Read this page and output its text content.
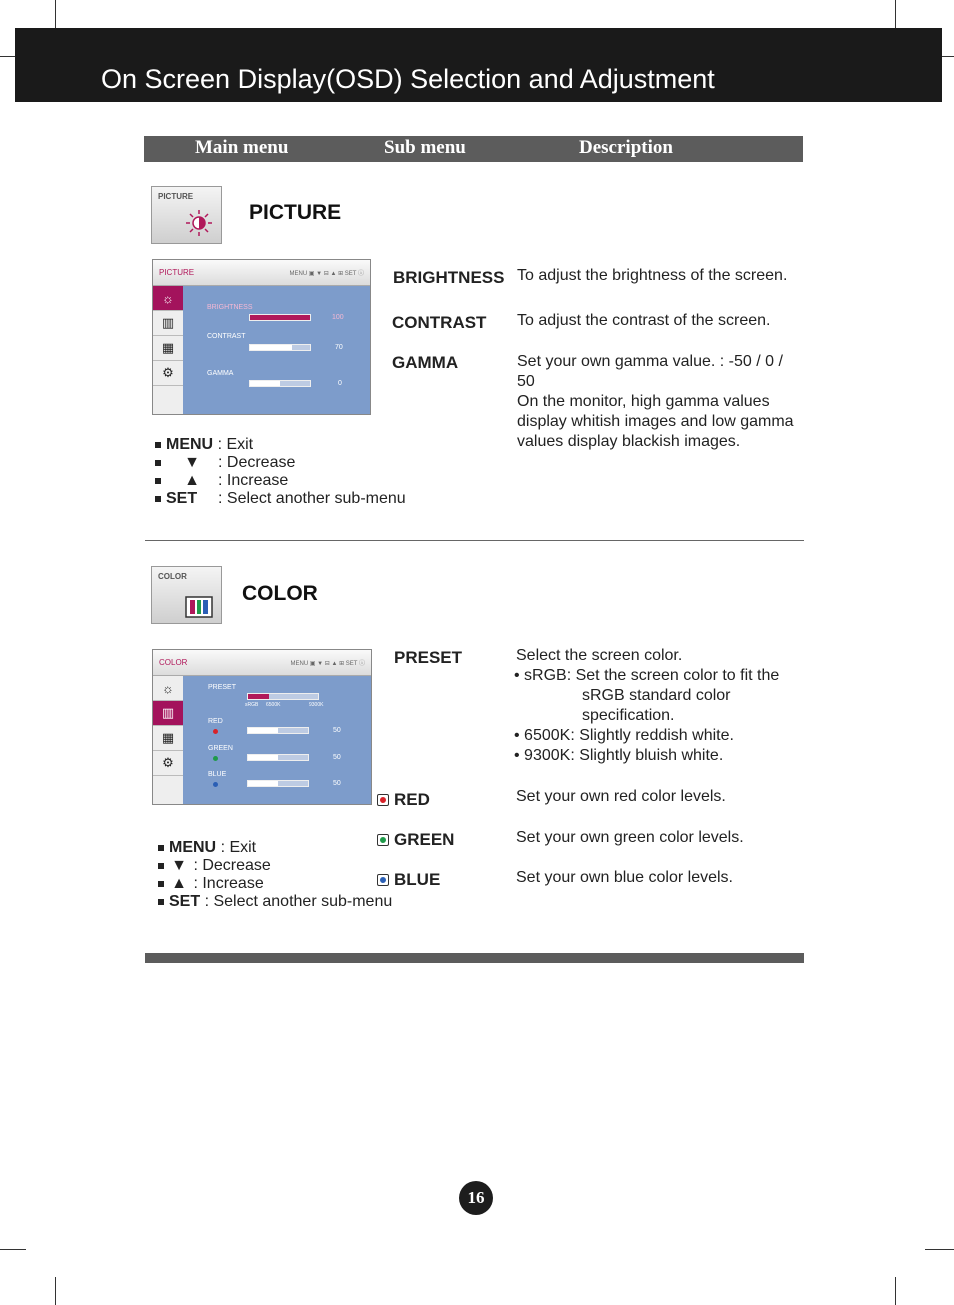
On Screen Display(OSD) Selection and Adjustment
Main menu	Sub menu	Description
PICTURE
PICTURE
PICTURE	MENU ▣ ▼ ⊟ ▲ ⊞ SET ⓘ
☼
▥
▦
⚙
BRIGHTNESS
100
CONTRAST
70
GAMMA
0
BRIGHTNESS To adjust the brightness of the screen.
CONTRAST To adjust the contrast of the screen.
GAMMA	Set your own gamma value. : -50 / 0 /
50
On the monitor, high gamma values
display whitish images and low gamma
values display blackish images.
MENU : Exit
▼ : Decrease
▲ : Increase
SET : Select another sub-menu
COLOR
COLOR
COLOR	MENU ▣ ▼ ⊟ ▲ ⊞ SET ⓘ
☼
▥
▦
⚙
PRESET
sRGB 6500K	9300K
RED
50
GREEN
50
BLUE
50
PRESET	Select the screen color.
• sRGB: Set the screen color to fit the
sRGB standard color
specification.
• 6500K: Slightly reddish white.
• 9300K: Slightly bluish white.
RED	Set your own red color levels.
GREEN	Set your own green color levels.
BLUE	Set your own blue color levels.
MENU : Exit
▼ : Decrease
▲ : Increase
SET : Select another sub-menu
16
